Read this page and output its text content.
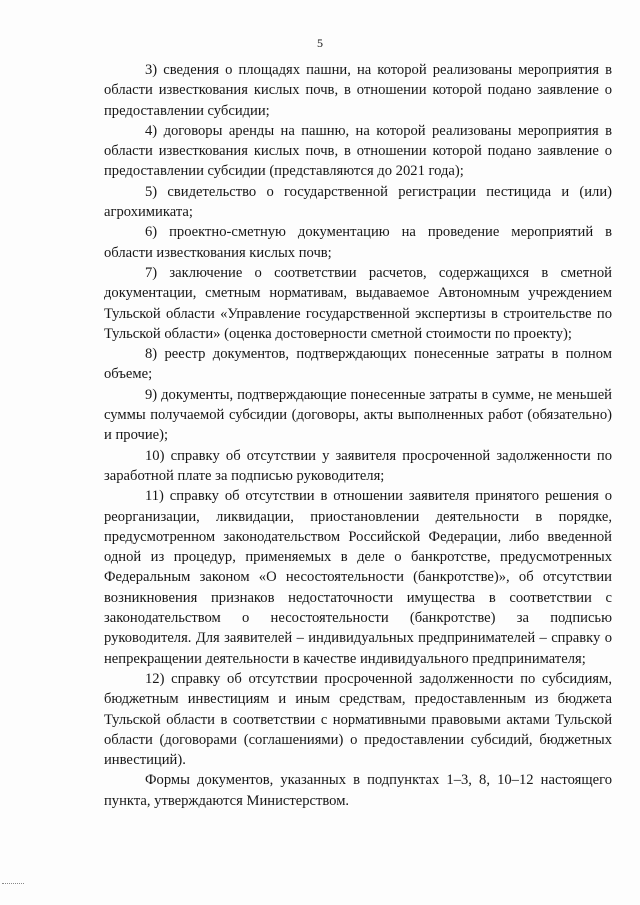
5

3) сведения о площадях пашни, на которой реализованы мероприятия в области известкования кислых почв, в отношении которой подано заявление о предоставлении субсидии;

4) договоры аренды на пашню, на которой реализованы мероприятия в области известкования кислых почв, в отношении которой подано заявление о предоставлении субсидии (представляются до 2021 года);

5) свидетельство о государственной регистрации пестицида и (или) агрохимиката;

6) проектно-сметную документацию на проведение мероприятий в области известкования кислых почв;

7) заключение о соответствии расчетов, содержащихся в сметной документации, сметным нормативам, выдаваемое Автономным учреждением Тульской области «Управление государственной экспертизы в строительстве по Тульской области» (оценка достоверности сметной стоимости по проекту);

8) реестр документов, подтверждающих понесенные затраты в полном объеме;

9) документы, подтверждающие понесенные затраты в сумме, не меньшей суммы получаемой субсидии (договоры, акты выполненных работ (обязательно) и прочие);

10) справку об отсутствии у заявителя просроченной задолженности по заработной плате за подписью руководителя;

11) справку об отсутствии в отношении заявителя принятого решения о реорганизации, ликвидации, приостановлении деятельности в порядке, предусмотренном законодательством Российской Федерации, либо введенной одной из процедур, применяемых в деле о банкротстве, предусмотренных Федеральным законом «О несостоятельности (банкротстве)», об отсутствии возникновения признаков недостаточности имущества в соответствии с законодательством о несостоятельности (банкротстве) за подписью руководителя. Для заявителей – индивидуальных предпринимателей – справку о непрекращении деятельности в качестве индивидуального предпринимателя;

12) справку об отсутствии просроченной задолженности по субсидиям, бюджетным инвестициям и иным средствам, предоставленным из бюджета Тульской области в соответствии с нормативными правовыми актами Тульской области (договорами (соглашениями) о предоставлении субсидий, бюджетных инвестиций).

Формы документов, указанных в подпунктах 1–3, 8, 10–12 настоящего пункта, утверждаются Министерством.
